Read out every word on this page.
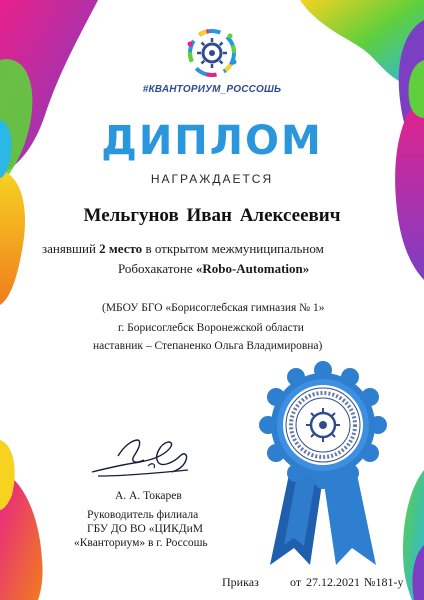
#КВАНТОРИУМ_РОССОШЬ
ДИПЛОМ
НАГРАЖДАЕТСЯ
Мельгунов Иван Алексеевич
занявший 2 место в открытом межмуниципальном
Робохакатоне «Robo-Automation»
(МБОУ БГО «Борисоглебская гимназия № 1»
г. Борисоглебск Воронежской области
наставник – Степаненко Ольга Владимировна)
А. А. Токарев
Руководитель филиала
ГБУ ДО ВО «ЦИКДиМ
«Кванториум» в г. Россошь
Приказ	от 27.12.2021 №181-у
